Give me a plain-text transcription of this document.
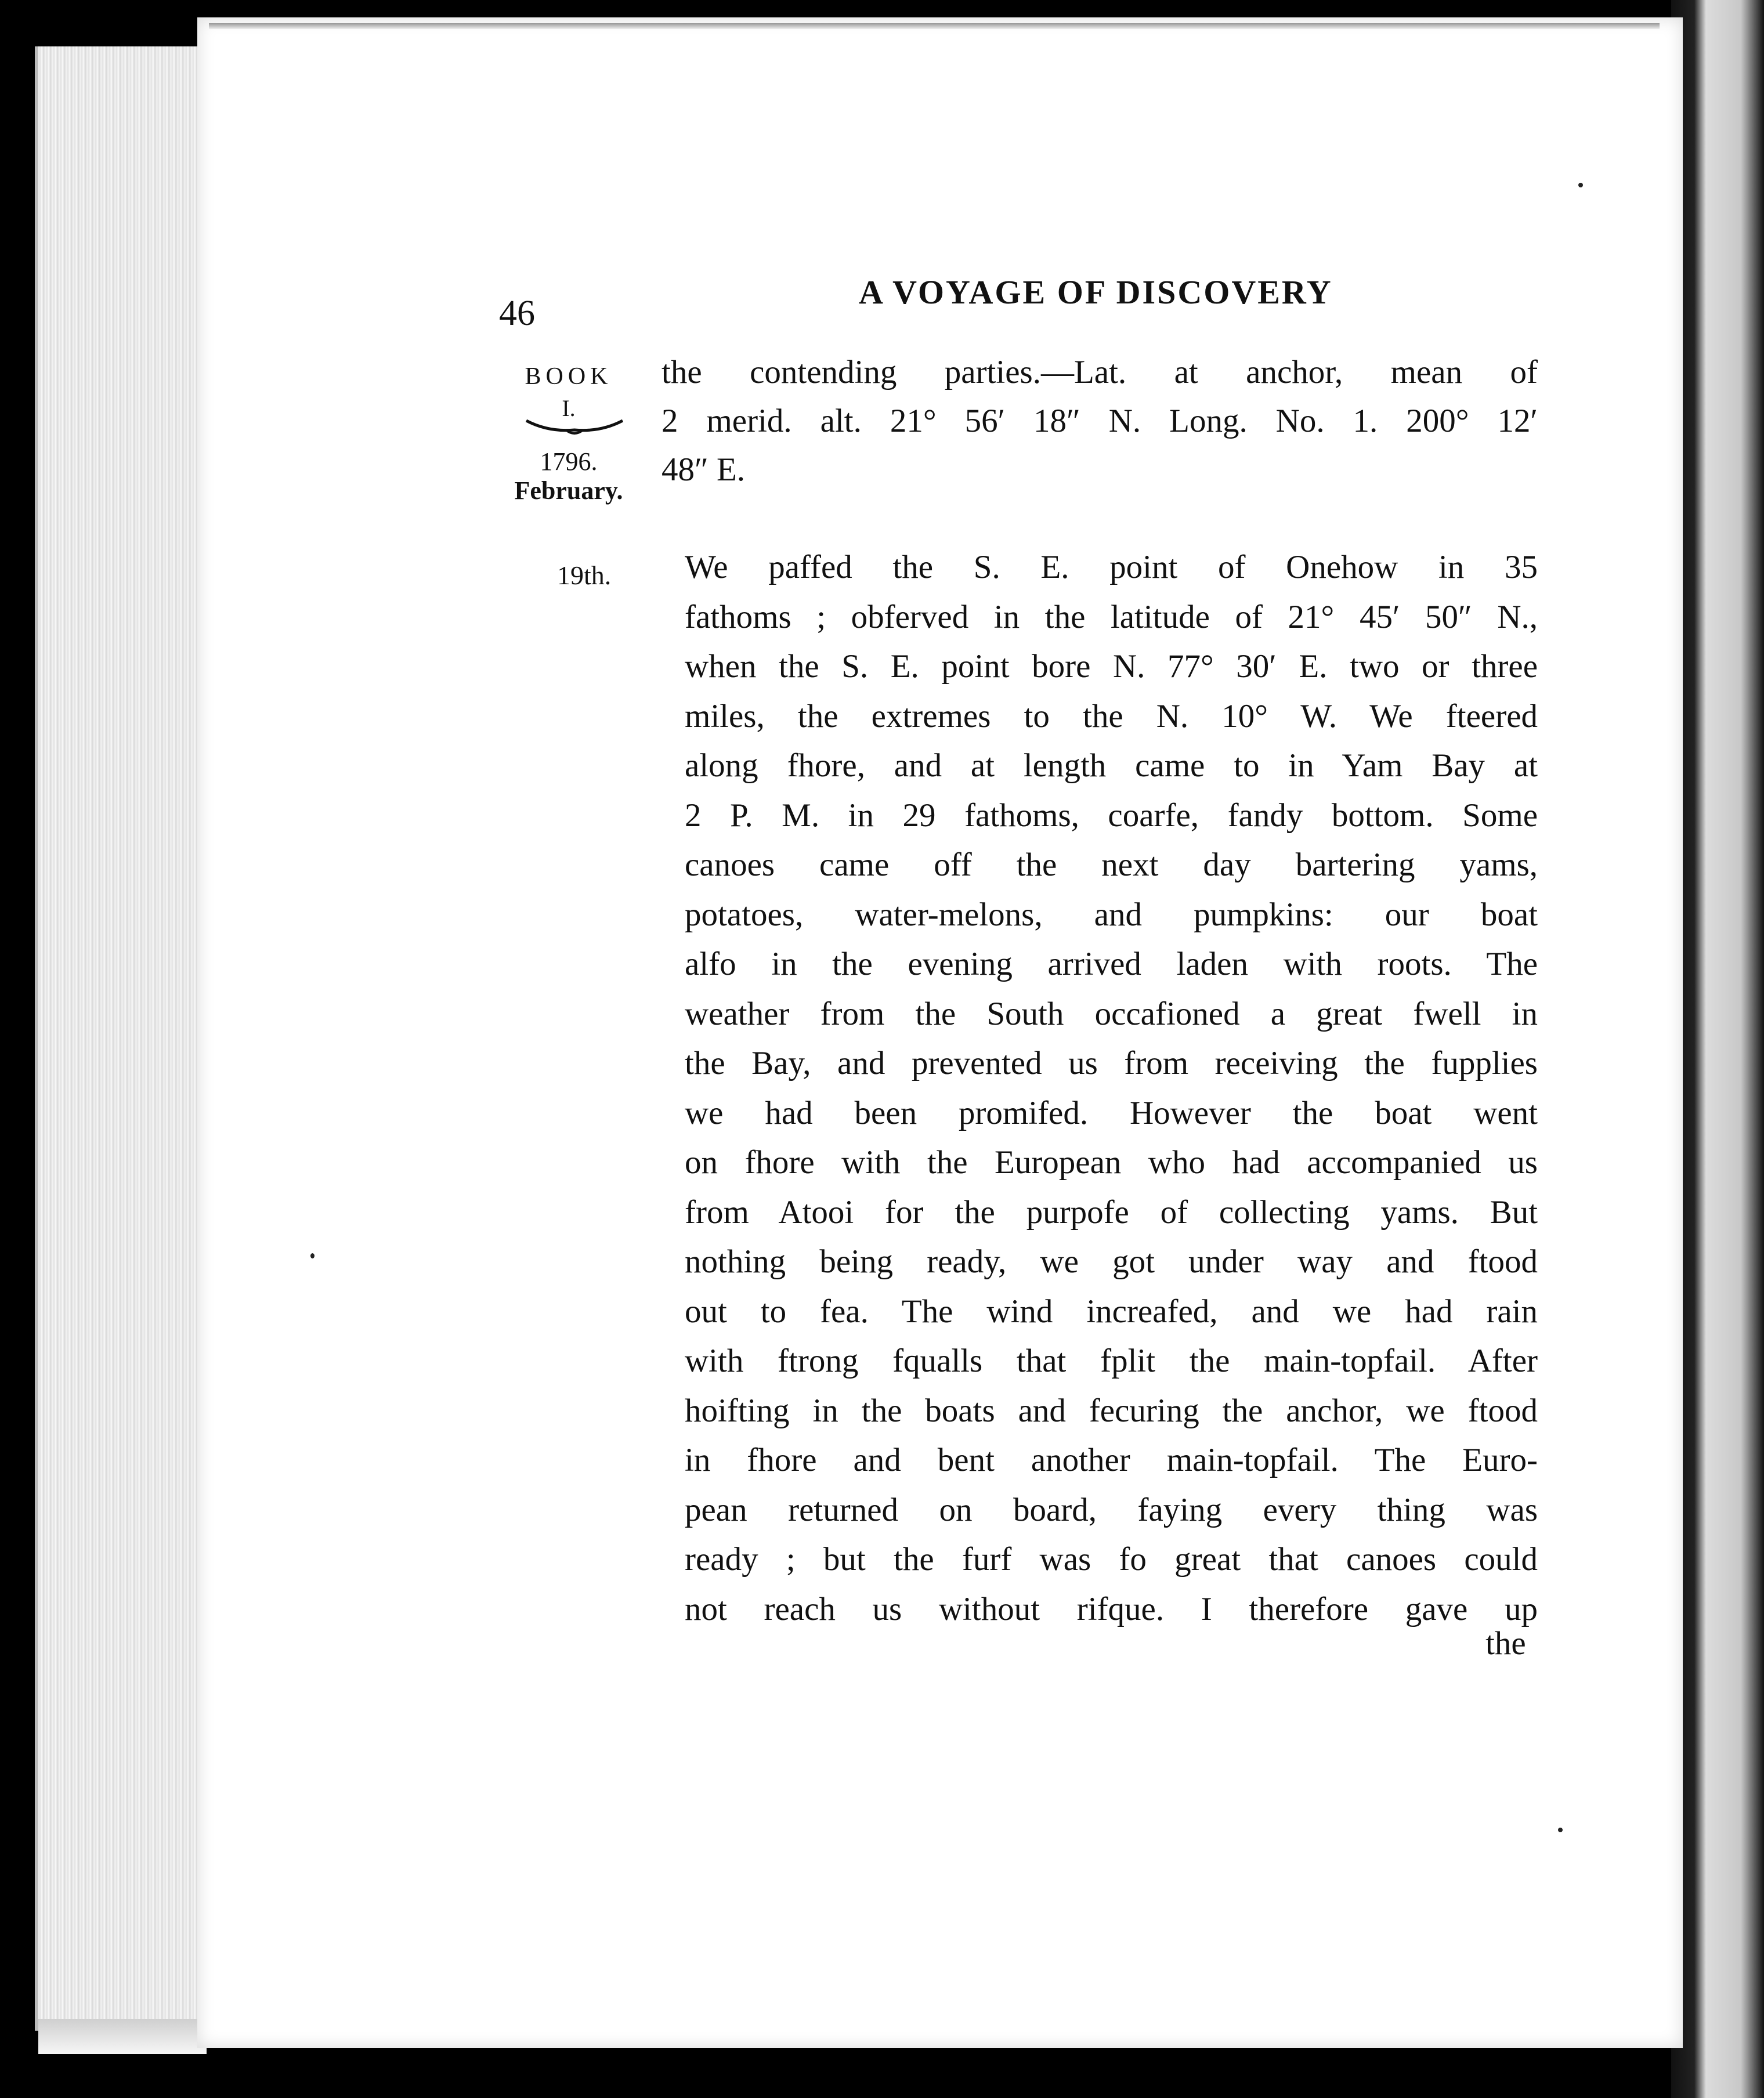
46
A VOYAGE OF DISCOVERY
BOOK
I.
1796.
February.
19th.
the contending parties.—Lat. at anchor, mean of
2 merid. alt. 21° 56′ 18″ N. Long. No. 1. 200° 12′
48″ E.
We paffed the S. E. point of Onehow in 35
fathoms ; obferved in the latitude of 21° 45′ 50″ N.,
when the S. E. point bore N. 77° 30′ E. two or three
miles, the extremes to the N. 10° W. We fteered
along fhore, and at length came to in Yam Bay at
2 P. M. in 29 fathoms, coarfe, fandy bottom. Some
canoes came off the next day bartering yams,
potatoes, water-melons, and pumpkins: our boat
alfo in the evening arrived laden with roots. The
weather from the South occafioned a great fwell in
the Bay, and prevented us from receiving the fupplies
we had been promifed. However the boat went
on fhore with the European who had accompanied us
from Atooi for the purpofe of collecting yams. But
nothing being ready, we got under way and ftood
out to fea. The wind increafed, and we had rain
with ftrong fqualls that fplit the main-topfail. After
hoifting in the boats and fecuring the anchor, we ftood
in fhore and bent another main-topfail. The Euro-
pean returned on board, faying every thing was
ready ; but the furf was fo great that canoes could
not reach us without rifque. I therefore gave up
the
